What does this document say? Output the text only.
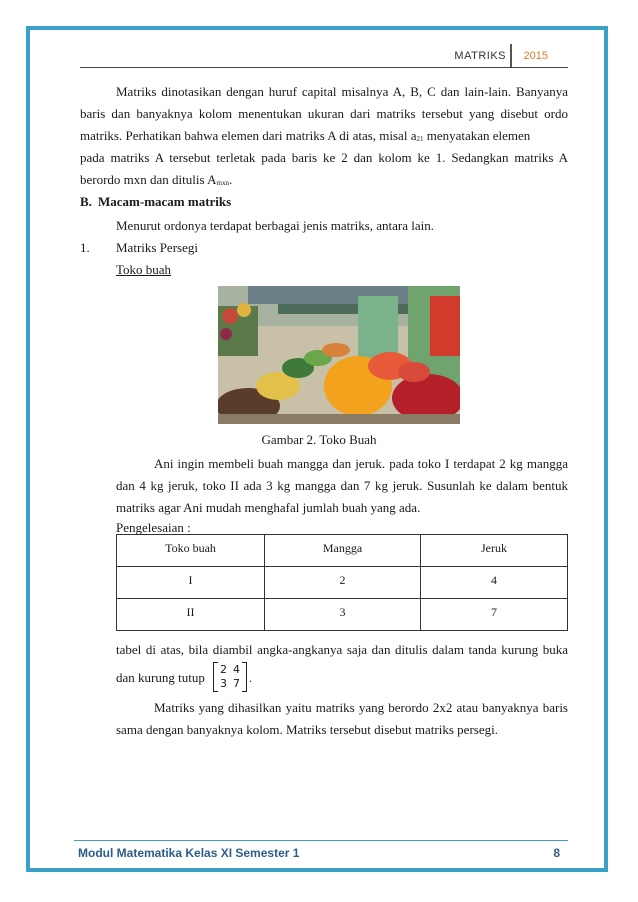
MATRIKS 2015
Matriks dinotasikan dengan huruf capital misalnya A, B, C dan lain-lain. Banyanya
baris dan banyaknya kolom menentukan ukuran dari matriks tersebut yang disebut ordo
matriks. Perhatikan bahwa elemen dari matriks A di atas, misal $a_{21}$ menyatakan elemen
pada matriks A tersebut terletak pada baris ke 2 dan kolom ke 1. Sedangkan matriks A
berordo mxn dan ditulis $A_{mxn}$.
B. Macam-macam matriks
Menurut ordonya terdapat berbagai jenis matriks, antara lain.
1. Matriks Persegi
Toko buah
Gambar 2. Toko Buah
Ani ingin membeli buah mangga dan jeruk. pada toko I terdapat 2 kg mangga
dan 4 kg jeruk, toko II ada 3 kg mangga dan 7 kg jeruk. Susunlah ke dalam bentuk
matriks agar Ani mudah menghafal jumlah buah yang ada.
Pengelesaian :
Toko buah	Mangga	Jeruk
I	2	4
II	3	7
tabel di atas, bila diambil angka-angkanya saja dan ditulis dalam tanda kurung buka
dan kurung tutup
2 4
3 7 .
Matriks yang dihasilkan yaitu matriks yang berordo 2x2 atau banyaknya baris
sama dengan banyaknya kolom. Matriks tersebut disebut matriks persegi.
Modul Matematika Kelas XI Semester 1	8
